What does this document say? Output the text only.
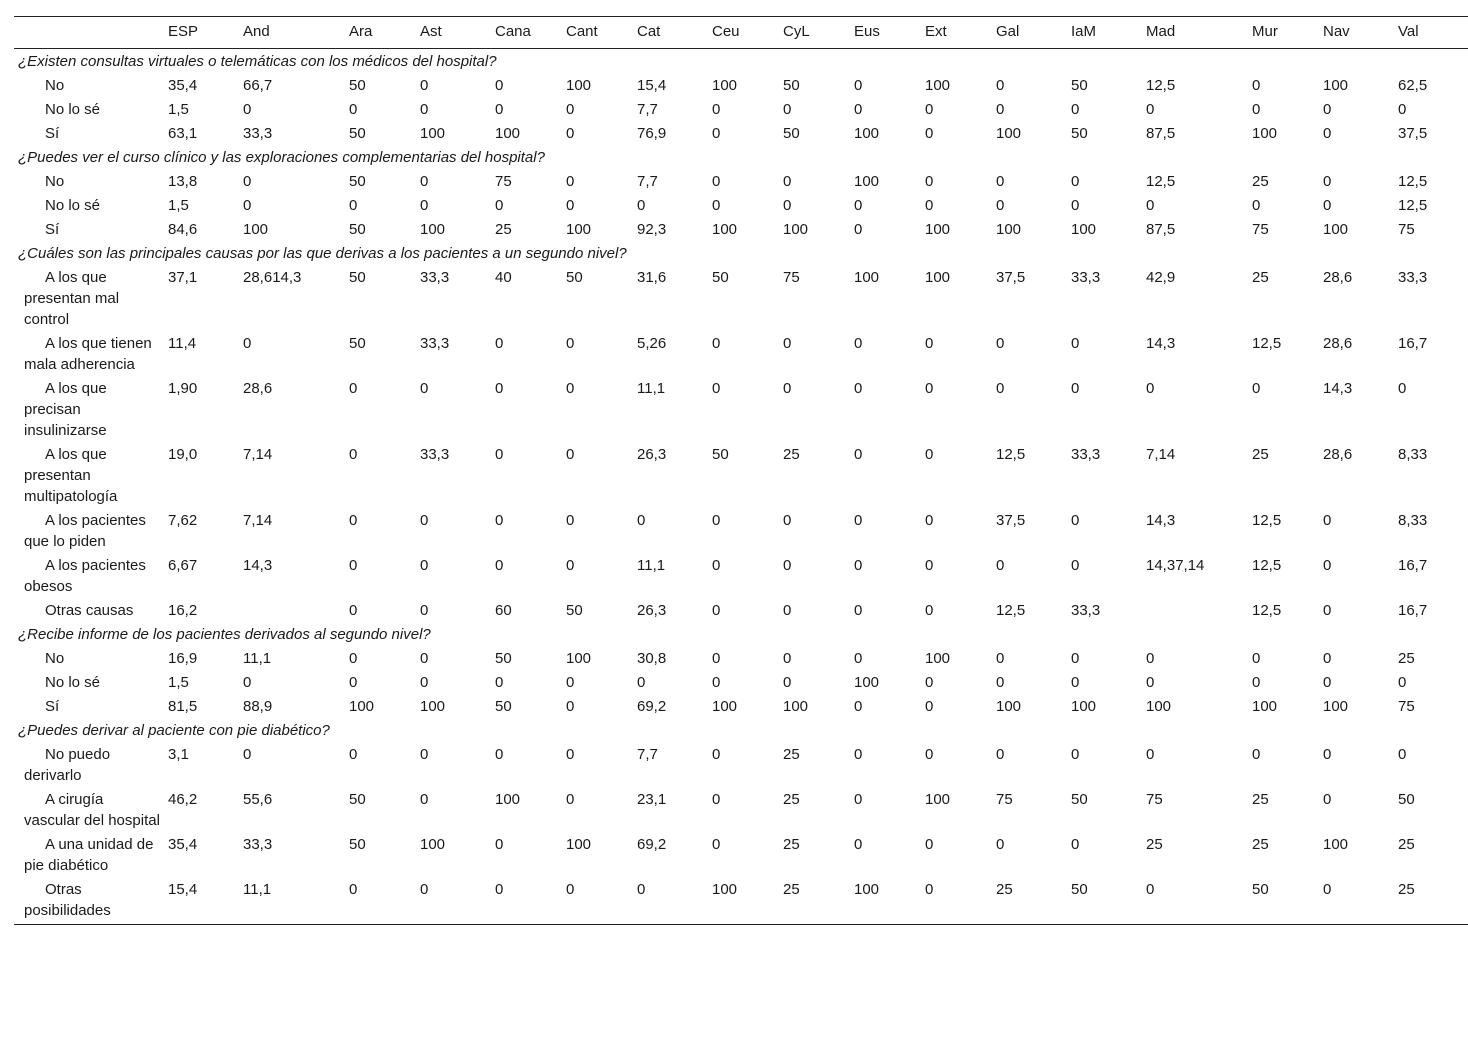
	ESP	And	Ara	Ast	Cana	Cant	Cat	Ceu	CyL	Eus	Ext	Gal	IaM	Mad	Mur	Nav	Val
¿Existen consultas virtuales o telemáticas con los médicos del hospital?																	

No	35,4	66,7	50	0	0	100	15,4	100	50	0	100	0	50	12,5	0	100	62,5

No lo sé	1,5	0	0	0	0	0	7,7	0	0	0	0	0	0	0	0	0	0

Sí	63,1	33,3	50	100	100	0	76,9	0	50	100	0	100	50	87,5	100	0	37,5
¿Puedes ver el curso clínico y las exploraciones complementarias del hospital?																	

No	13,8	0	50	0	75	0	7,7	0	0	100	0	0	0	12,5	25	0	12,5

No lo sé	1,5	0	0	0	0	0	0	0	0	0	0	0	0	0	0	0	12,5

Sí	84,6	100	50	100	25	100	92,3	100	100	0	100	100	100	87,5	75	100	75
¿Cuáles son las principales causas por las que derivas a los pacientes a un segundo nivel?																	

A los que presentan mal control	37,1	28,614,3	50	33,3	40	50	31,6	50	75	100	100	37,5	33,3	42,9	25	28,6	33,3

A los que tienen mala adherencia	11,4	0	50	33,3	0	0	5,26	0	0	0	0	0	0	14,3	12,5	28,6	16,7

A los que precisan insulinizarse	1,90	28,6	0	0	0	0	11,1	0	0	0	0	0	0	0	0	14,3	0

A los que presentan multipatología	19,0	7,14	0	33,3	0	0	26,3	50	25	0	0	12,5	33,3	7,14	25	28,6	8,33

A los pacientes que lo piden	7,62	7,14	0	0	0	0	0	0	0	0	0	37,5	0	14,3	12,5	0	8,33

A los pacientes obesos	6,67	14,3	0	0	0	0	11,1	0	0	0	0	0	0	14,37,14	12,5	0	16,7

Otras causas	16,2		0	0	60	50	26,3	0	0	0	0	12,5	33,3		12,5	0	16,7
¿Recibe informe de los pacientes derivados al segundo nivel?																	

No	16,9	11,1	0	0	50	100	30,8	0	0	0	100	0	0	0	0	0	25

No lo sé	1,5	0	0	0	0	0	0	0	0	100	0	0	0	0	0	0	0

Sí	81,5	88,9	100	100	50	0	69,2	100	100	0	0	100	100	100	100	100	75
¿Puedes derivar al paciente con pie diabético?																	

No puedo derivarlo	3,1	0	0	0	0	0	7,7	0	25	0	0	0	0	0	0	0	0

A cirugía vascular del hospital	46,2	55,6	50	0	100	0	23,1	0	25	0	100	75	50	75	25	0	50

A una unidad de pie diabético	35,4	33,3	50	100	0	100	69,2	0	25	0	0	0	0	25	25	100	25

Otras posibilidades	15,4	11,1	0	0	0	0	0	100	25	100	0	25	50	0	50	0	25
